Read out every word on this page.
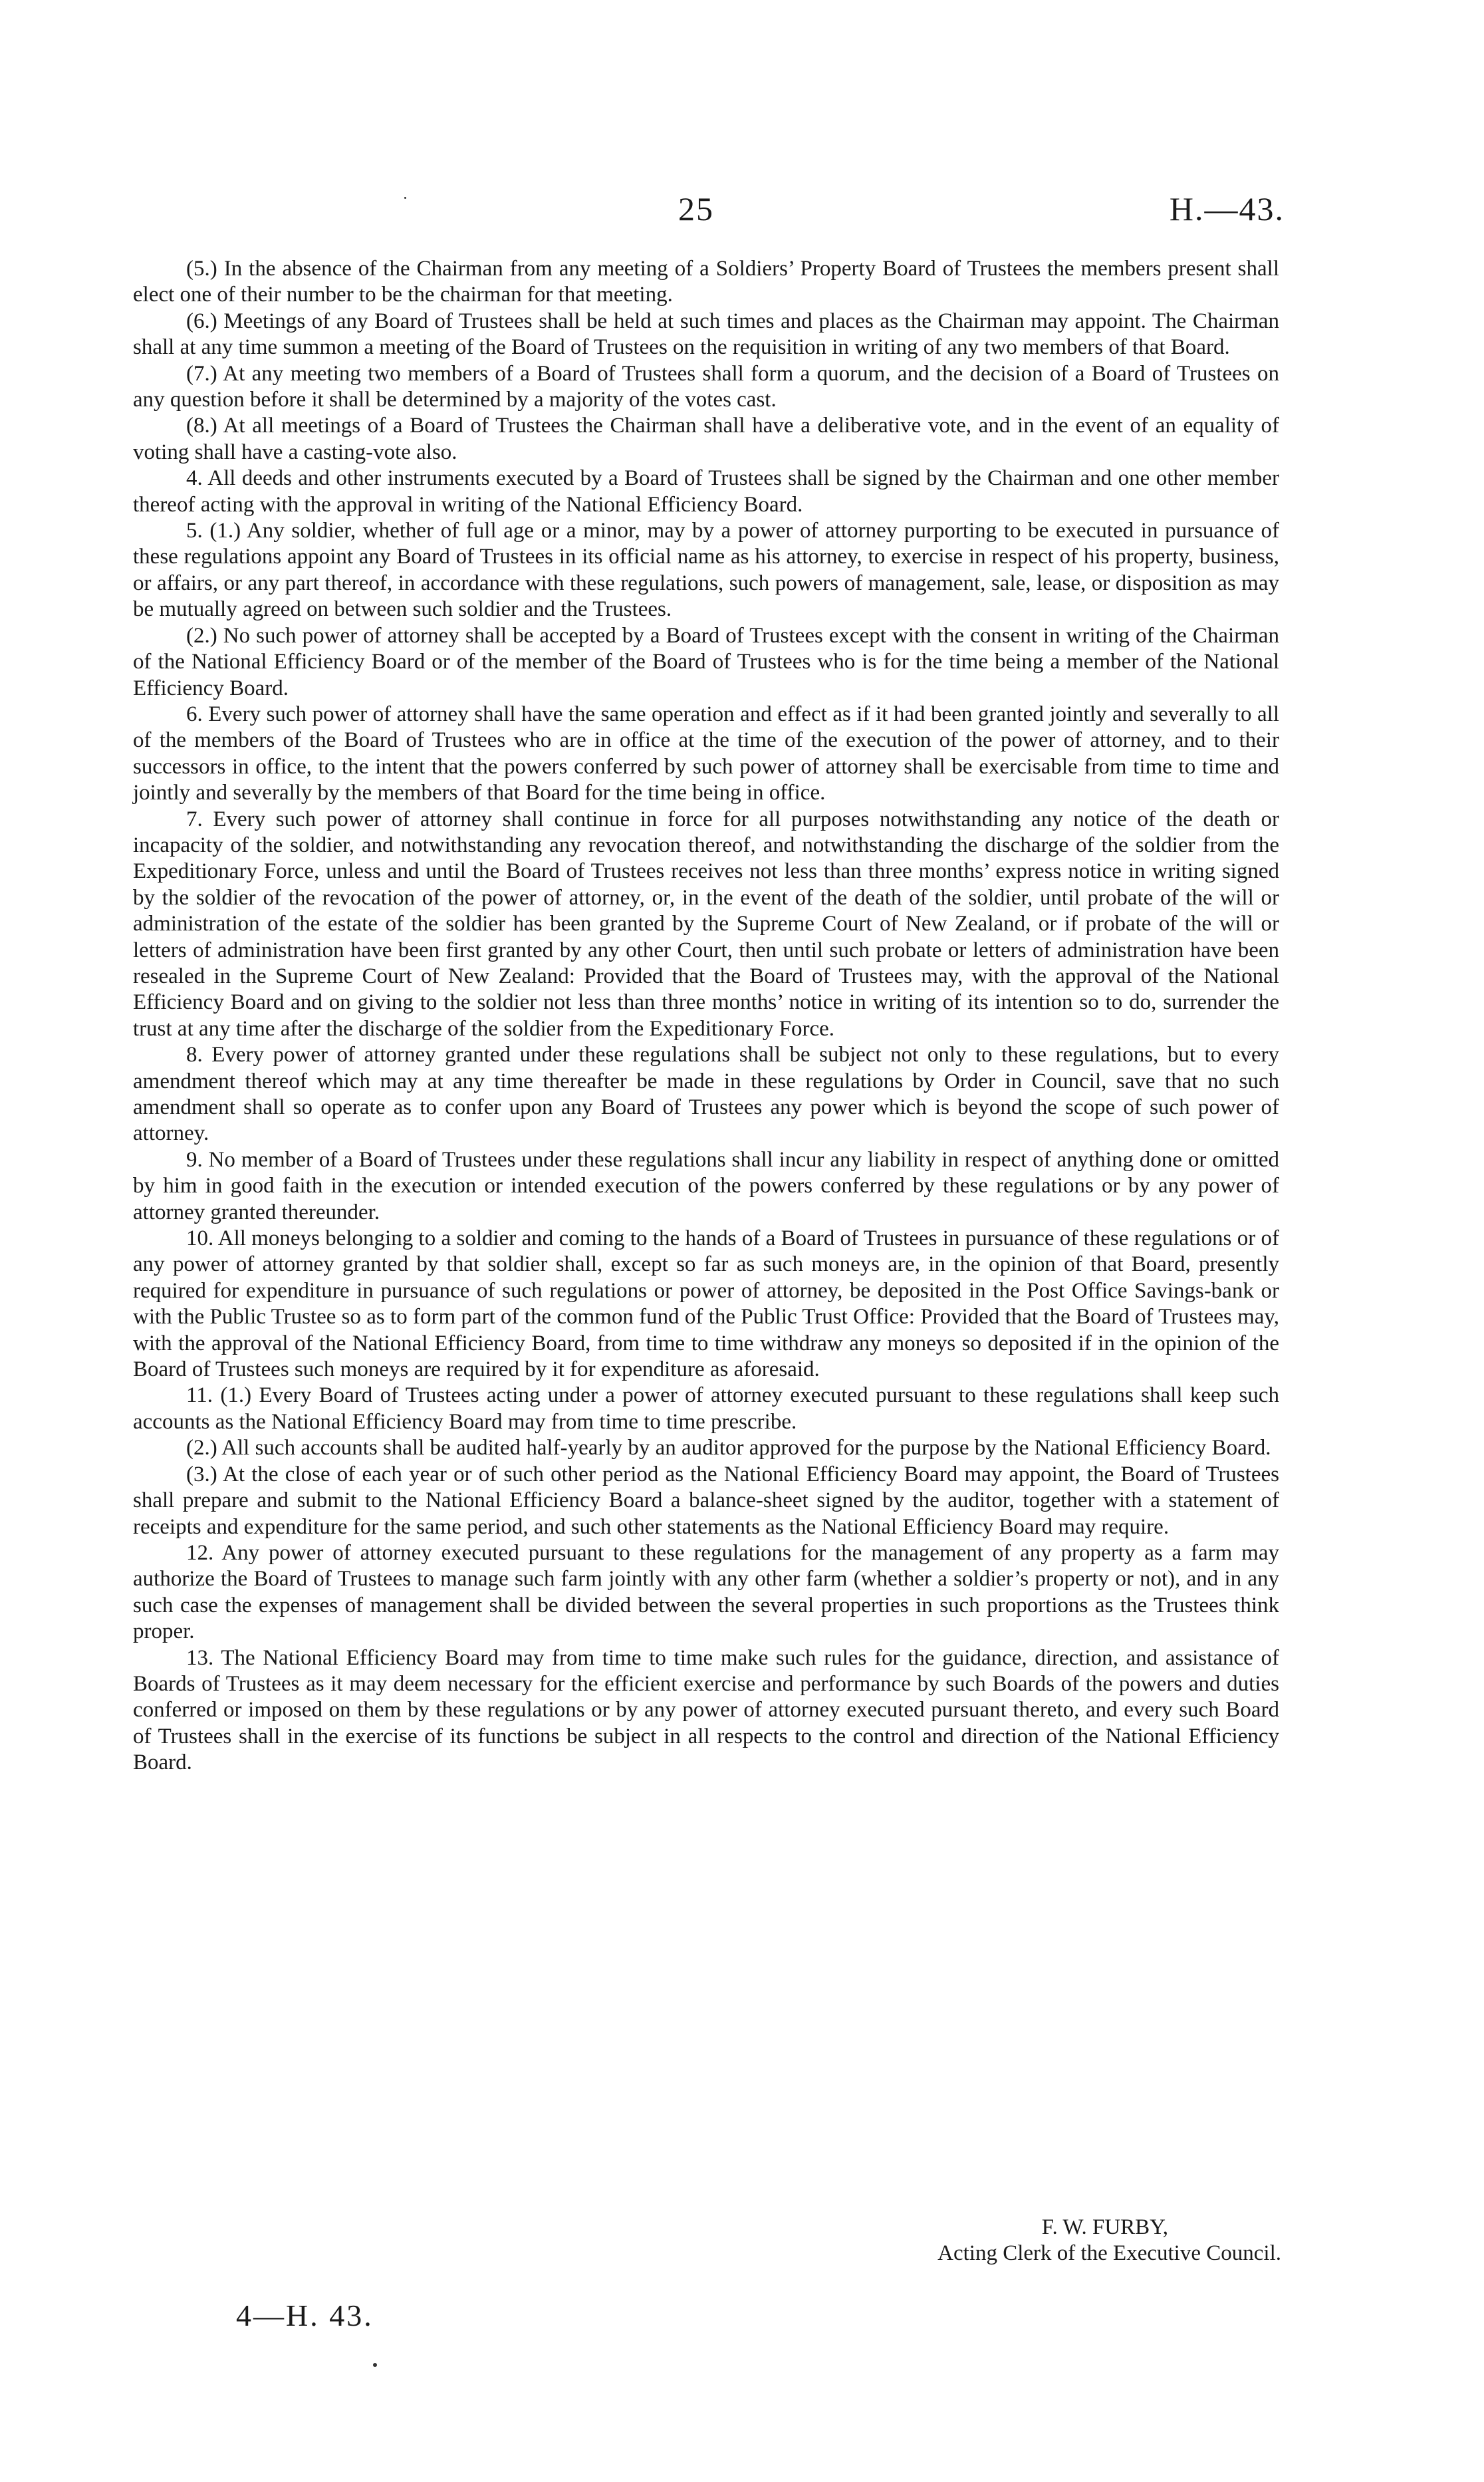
25	H.—43.

(5.) In the absence of the Chairman from any meeting of a Soldiers’ Property Board of Trustees the members present shall elect one of their number to be the chairman for that meeting.

(6.) Meetings of any Board of Trustees shall be held at such times and places as the Chairman may appoint. The Chairman shall at any time summon a meeting of the Board of Trustees on the requisition in writing of any two members of that Board.

(7.) At any meeting two members of a Board of Trustees shall form a quorum, and the decision of a Board of Trustees on any question before it shall be determined by a majority of the votes cast.

(8.) At all meetings of a Board of Trustees the Chairman shall have a deliberative vote, and in the event of an equality of voting shall have a casting-vote also.

4. All deeds and other instruments executed by a Board of Trustees shall be signed by the Chairman and one other member thereof acting with the approval in writing of the National Efficiency Board.

5. (1.) Any soldier, whether of full age or a minor, may by a power of attorney purporting to be executed in pursuance of these regulations appoint any Board of Trustees in its official name as his attorney, to exercise in respect of his property, business, or affairs, or any part thereof, in accordance with these regulations, such powers of management, sale, lease, or disposition as may be mutually agreed on between such soldier and the Trustees.

(2.) No such power of attorney shall be accepted by a Board of Trustees except with the consent in writing of the Chairman of the National Efficiency Board or of the member of the Board of Trustees who is for the time being a member of the National Efficiency Board.

6. Every such power of attorney shall have the same operation and effect as if it had been granted jointly and severally to all of the members of the Board of Trustees who are in office at the time of the execution of the power of attorney, and to their successors in office, to the intent that the powers conferred by such power of attorney shall be exercisable from time to time and jointly and severally by the members of that Board for the time being in office.

7. Every such power of attorney shall continue in force for all purposes notwithstanding any notice of the death or incapacity of the soldier, and notwithstanding any revocation thereof, and notwithstanding the discharge of the soldier from the Expeditionary Force, unless and until the Board of Trustees receives not less than three months’ express notice in writing signed by the soldier of the revocation of the power of attorney, or, in the event of the death of the soldier, until probate of the will or administration of the estate of the soldier has been granted by the Supreme Court of New Zealand, or if probate of the will or letters of administration have been first granted by any other Court, then until such probate or letters of administration have been resealed in the Supreme Court of New Zealand: Provided that the Board of Trustees may, with the approval of the National Efficiency Board and on giving to the soldier not less than three months’ notice in writing of its intention so to do, surrender the trust at any time after the discharge of the soldier from the Expeditionary Force.

8. Every power of attorney granted under these regulations shall be subject not only to these regulations, but to every amendment thereof which may at any time thereafter be made in these regulations by Order in Council, save that no such amendment shall so operate as to confer upon any Board of Trustees any power which is beyond the scope of such power of attorney.

9. No member of a Board of Trustees under these regulations shall incur any liability in respect of anything done or omitted by him in good faith in the execution or intended execution of the powers conferred by these regulations or by any power of attorney granted thereunder.

10. All moneys belonging to a soldier and coming to the hands of a Board of Trustees in pursuance of these regulations or of any power of attorney granted by that soldier shall, except so far as such moneys are, in the opinion of that Board, presently required for expenditure in pursuance of such regulations or power of attorney, be deposited in the Post Office Savings-bank or with the Public Trustee so as to form part of the common fund of the Public Trust Office: Provided that the Board of Trustees may, with the approval of the National Efficiency Board, from time to time withdraw any moneys so deposited if in the opinion of the Board of Trustees such moneys are required by it for expenditure as aforesaid.

11. (1.) Every Board of Trustees acting under a power of attorney executed pursuant to these regulations shall keep such accounts as the National Efficiency Board may from time to time prescribe.

(2.) All such accounts shall be audited half-yearly by an auditor approved for the purpose by the National Efficiency Board.

(3.) At the close of each year or of such other period as the National Efficiency Board may appoint, the Board of Trustees shall prepare and submit to the National Efficiency Board a balance-sheet signed by the auditor, together with a statement of receipts and expenditure for the same period, and such other statements as the National Efficiency Board may require.

12. Any power of attorney executed pursuant to these regulations for the management of any property as a farm may authorize the Board of Trustees to manage such farm jointly with any other farm (whether a soldier’s property or not), and in any such case the expenses of management shall be divided between the several properties in such proportions as the Trustees think proper.

13. The National Efficiency Board may from time to time make such rules for the guidance, direction, and assistance of Boards of Trustees as it may deem necessary for the efficient exercise and performance by such Boards of the powers and duties conferred or imposed on them by these regulations or by any power of attorney executed pursuant thereto, and every such Board of Trustees shall in the exercise of its functions be subject in all respects to the control and direction of the National Efficiency Board.

F. W. FURBY,
Acting Clerk of the Executive Council.
4—H. 43.
